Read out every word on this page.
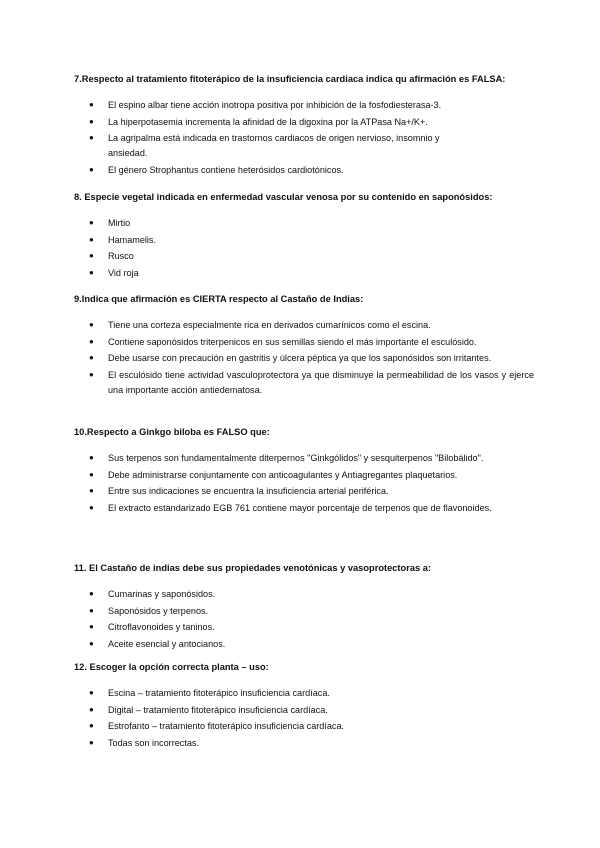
7.Respecto al tratamiento fitoterápico de la insuficiencia cardiaca indica qu afirmación es FALSA:
● El espino albar tiene acción inotropa positiva por inhibición de la fosfodiesterasa-3.
● La hiperpotasemia incrementa la afinidad de la digoxina por la ATPasa Na+/K+.
● La agripalma está indicada en trastornos cardiacos de origen nervioso, insomnio y ansiedad.
● El género Strophantus contiene heterósidos cardiotónicos.
8. Especie vegetal indicada en enfermedad vascular venosa por su contenido en saponósidos:
● Mirtio
● Hamamelis.
● Rusco
● Vid roja
9.Indica que afirmación es CIERTA respecto al Castaño de Indias:
● Tiene una corteza especialmente rica en derivados cumarínicos como el escina.
● Contiene saponósidos triterpenicos en sus semillas siendo el más importante el esculósido.
● Debe usarse con precaución en gastritis y úlcera péptica ya que los saponósidos son irritantes.
● El esculósido tiene actividad vasculoprotectora ya que disminuye la permeabilidad de los vasos y ejerce una importante acción antiedematosa.
10.Respecto a Ginkgo biloba es FALSO que:
● Sus terpenos son fundamentalmente diterpernos "Ginkgólidos" y sesquiterpenos "Bilobálido".
● Debe administrarse conjuntamente con anticoagulantes y Antiagregantes plaquetarios.
● Entre sus indicaciones se encuentra la insuficiencia arterial periférica.
● El extracto estandarizado EGB 761 contiene mayor porcentaje de terpenos que de flavonoides.
11. El Castaño de indias debe sus propiedades venotónicas y vasoprotectoras a:
● Cumarinas y saponósidos.
● Saponósidos y terpenos.
● Citroflavonoides y taninos.
● Aceite esencial y antocianos.
12. Escoger la opción correcta planta – uso:
● Escina – tratamiento fitoterápico insuficiencia cardíaca.
● Digital – tratamiento fitoterápico insuficiencia cardíaca.
● Estrofanto – tratamiento fitoterápico insuficiencia cardíaca.
● Todas son incorrectas.
